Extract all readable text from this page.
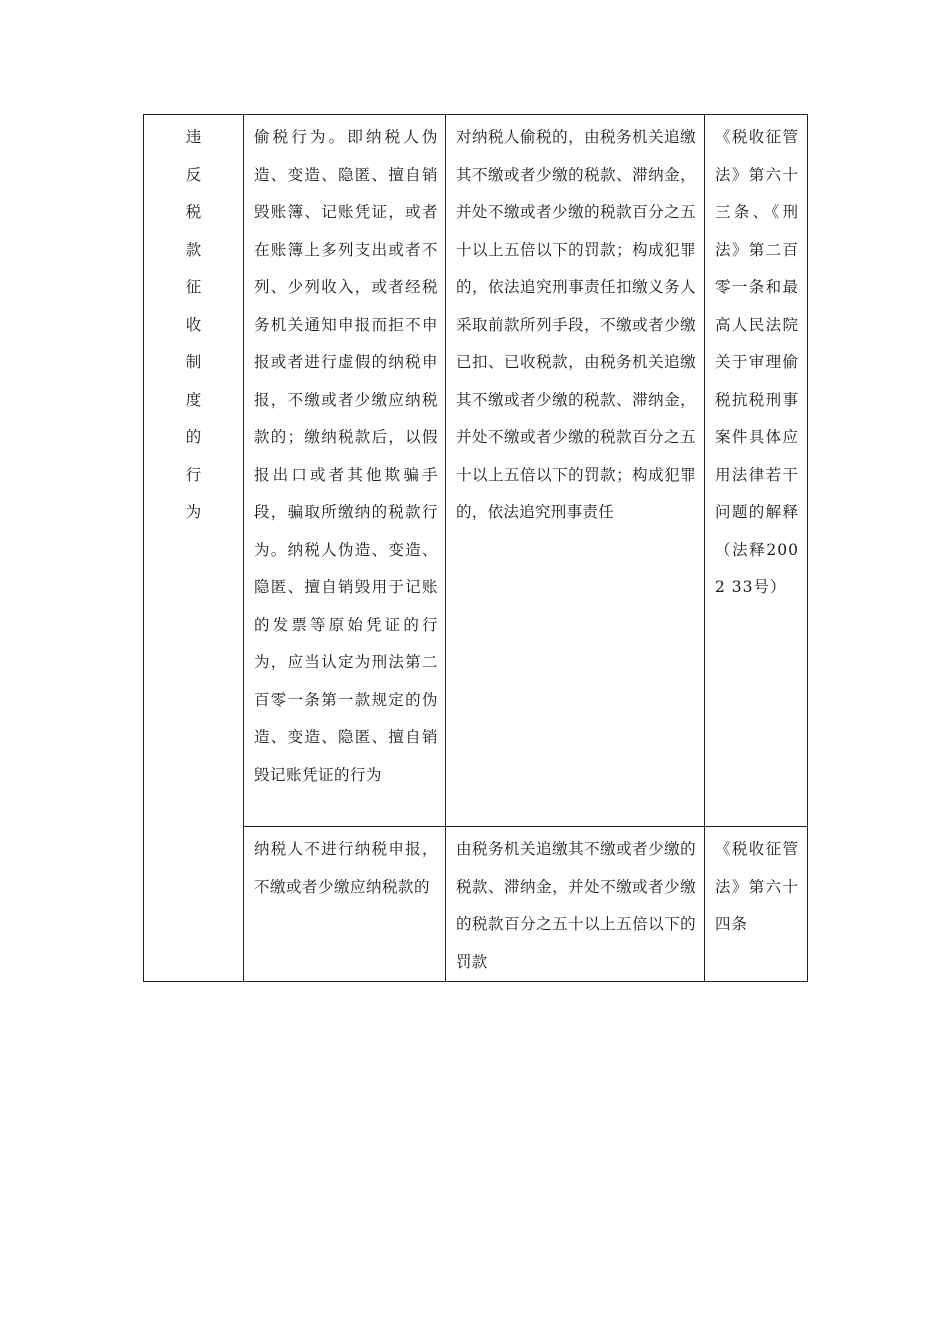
违反税款征收制度的行为	偷税行为。即纳税人伪造、变造、隐匿、擅自销毁账簿、记账凭证，或者在账簿上多列支出或者不列、少列收入，或者经税务机关通知申报而拒不申报或者进行虚假的纳税申报，不缴或者少缴应纳税款的；缴纳税款后，以假报出口或者其他欺骗手段，骗取所缴纳的税款行为。纳税人伪造、变造、隐匿、擅自销毁用于记账的发票等原始凭证的行为，应当认定为刑法第二百零一条第一款规定的伪造、变造、隐匿、擅自销毁记账凭证的行为	对纳税人偷税的，由税务机关追缴其不缴或者少缴的税款、滞纳金，并处不缴或者少缴的税款百分之五十以上五倍以下的罚款；构成犯罪的，依法追究刑事责任扣缴义务人采取前款所列手段，不缴或者少缴已扣、已收税款，由税务机关追缴其不缴或者少缴的税款、滞纳金，并处不缴或者少缴的税款百分之五十以上五倍以下的罚款；构成犯罪的，依法追究刑事责任	《税收征管法》第六十三条、《刑法》第二百零一条和最高人民法院关于审理偷税抗税刑事案件具体应用法律若干问题的解释（法释2002 33号）

	纳税人不进行纳税申报，不缴或者少缴应纳税款的	由税务机关追缴其不缴或者少缴的税款、滞纳金，并处不缴或者少缴的税款百分之五十以上五倍以下的罚款	《税收征管法》第六十四条
